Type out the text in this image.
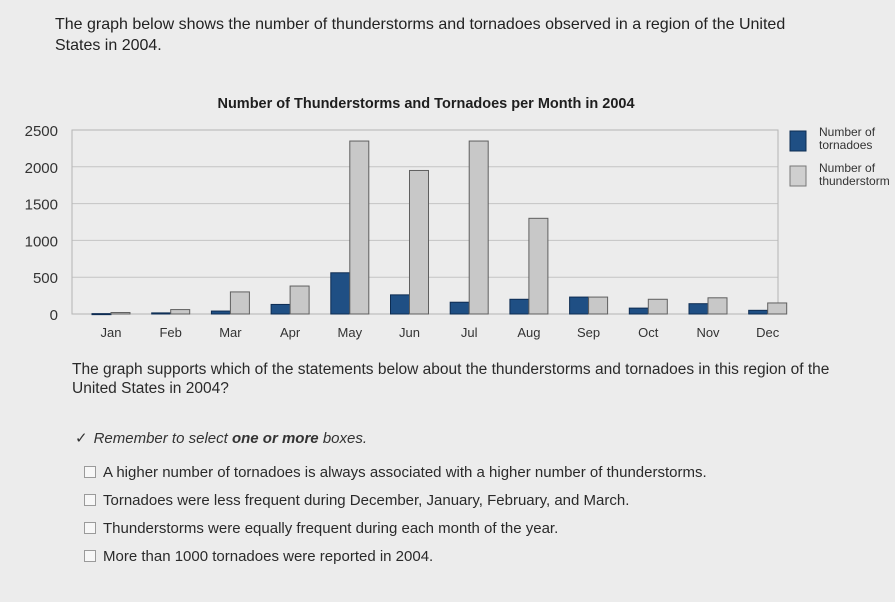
The graph below shows the number of thunderstorms and tornadoes observed in a region of the United States in 2004.
Number of Thunderstorms and Tornadoes per Month in 2004
0
500
1000
1500
2000
2500
Jan	Feb	Mar	Apr	May	Jun	Jul	Aug	Sep	Oct	Nov	Dec
Number of tornadoes
Number of thunderstorm
The graph supports which of the statements below about the thunderstorms and tornadoes in this region of the United States in 2004?
✓ Remember to select one or more boxes.
A higher number of tornadoes is always associated with a higher number of thunderstorms.
Tornadoes were less frequent during December, January, February, and March.
Thunderstorms were equally frequent during each month of the year.
More than 1000 tornadoes were reported in 2004.
